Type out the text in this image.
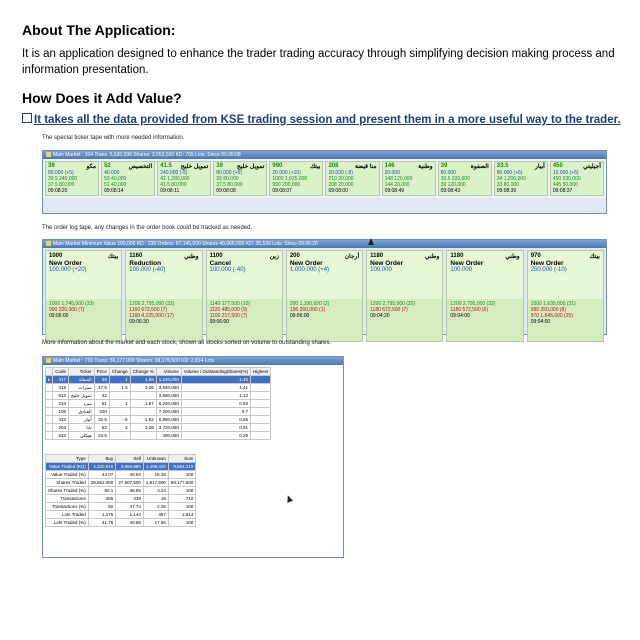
About The Application:
It is an application designed to enhance the trader trading accuracy through simplifying decision making process and information presentation.
How Does it Add Value?
It takes all the data provided from KSE trading session and present them in a more useful way to the trader.
The special ticker tape with more needed information.
Main Market : 104 Trans: 5,520,000 Shares: 2,653,500 KD: 755 Lots: Since 09:26:08
39	مكو
80.000 (+5)
39.5 240,000
37.5 80,000
09:08:20
52	التخصيص
40.000
53 40,000
51 40,000
09:08:14
41.5 تمويل خليج
240.000 (-5)
42 1,280,000
41.5 80,000
09:08:11
39 تمويل خليج
80.000 (+5)
39 80,000
37.5 80,000
09:08:08
990	بيتك
20.000 (+10)
1000 1,625,000
990 200,000
09:08:07
208	منا قيضة
20.000 (-8)
210 20,000
208 20,000
09:08:00
146	وطنية
20.000
148 120,000
144 20,000
09:08:49
39	الصفوة
80.000
39.5 320,000
39 120,000
09:08:43
33.5	أبيار
80.000 (+5)
34 1,200,000
33 80,000
09:08:39
450	أجيليتي
10.000 (+5)
450 530,000
445 50,000
09:08:37
The order log tape, any changes in the order book could be tracked as needed.
Main Market Minimum Value 100,000 KD : 230 Orders: 67,145,000 Shares 49,066,550 KD: 35,530 Lots: Since 09:06:20
1000	بيتك
New Order
100.000 (+20)
1000 1,745,000 (33)
990 320,000 (7)
09:06:00
1160	وطني
Reduction
100.000 (-40)
1200 2,795,000 (32)
1160 672,500 (7)
1160 4,225,000 (17)
09:06:30
1100	زين
Cancel
100.000 (-40)
1140 177,500 (10)
1120 485,000 (9)
1100 217,500 (7)
09:06:00
200	أرجان
New Order
1.000.000 (+4)
200 1,100,000 (2)
196 260,000 (1)
09:06:00
1180	وطني
New Order
100.000
1200 2,795,000 (32)
1180 672,500 (7)
09:04:20
1180	وطني
New Order
100.000
1200 2,795,000 (32)
1180 572,500 (6)
09:04:00
970	بيتك
New Order
250.000 (-10)
1000 1,635,000 (31)
990 350,000 (8)
970 1,645,000 (25)
09:04:00
More information about the market and each stock, shown all stocks sorted on volume to outstanding shares.
Main Market : 710 Trans: 56,177,000 Shares: 38,176,500 KD: 2,814 Lots
	Code	Ticker	Price	Change	Change %	Volume	Volume / OutstandingShares(%)	Highest
▸	417	الصفاة	39	1	1.69	1,240,000	1.45	
	415	سيرات	47.5	1.5	3.26	3,840,000	1.41	
	813	تمويل خليج	42			3,680,000	1.12	
	234	مبرد	61	1	1.67	6,240,000	0.83	
	106	الفنادق	220			7,200,000	0.7	
	432	أبيار	32.5	-.5	-1.52	6,960,000	0.65	
	203	نابا	63	2	3.28	3,720,000	0.51	
	632	هيكلي	24.5			400,000	0.29	
Type	Buy	Sell	Unknown	Sum
Value Traded (KD)	4,320,810	3,984,880	1,498,420	9,804,210
Value Traded (%)	44.07	40.64	15.28	100
Shares Traded	28,652,000	27,607,500	1,917,500	58,177,500
Shares Traded (%)	50.1	46.65	3.24	100
Transactions	355	339	16	710
Transactions (%)	50	47.74	2.25	100
Lots Traded	1,175	1,142	497	2,814
Lots Traded (%)	41.75	40.58	17.66	100
